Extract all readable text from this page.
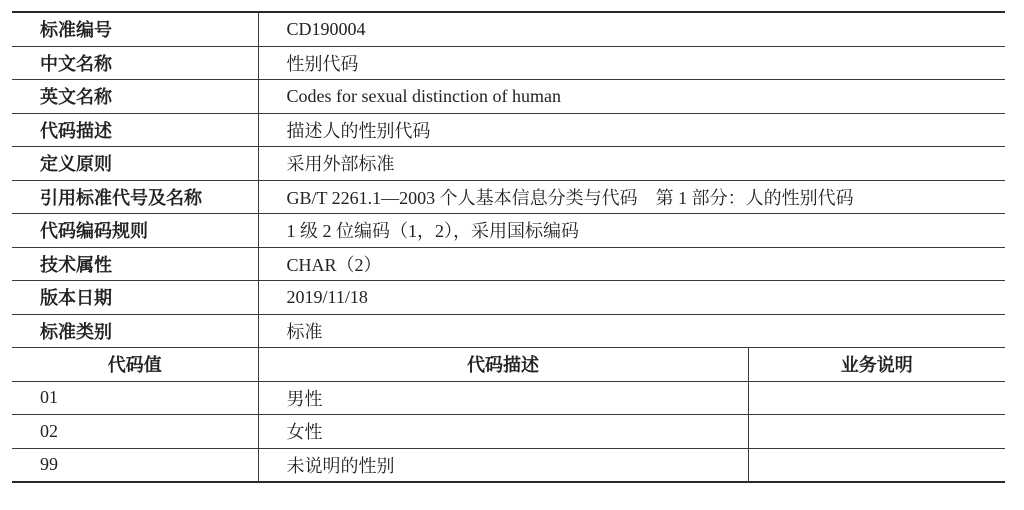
标准编号	CD190004	
中文名称	性别代码	
英文名称	Codes for sexual distinction of human	
代码描述	描述人的性别代码	
定义原则	采用外部标准	
引用标准代号及名称	GB/T 2261.1—2003 个人基本信息分类与代码　第 1 部分：人的性别代码	
代码编码规则	1 级 2 位编码（1，2），采用国标编码	
技术属性	CHAR（2）	
版本日期	2019/11/18	
标准类别	标准	
代码值	代码描述	业务说明
01	男性	
02	女性	
99	未说明的性别	
